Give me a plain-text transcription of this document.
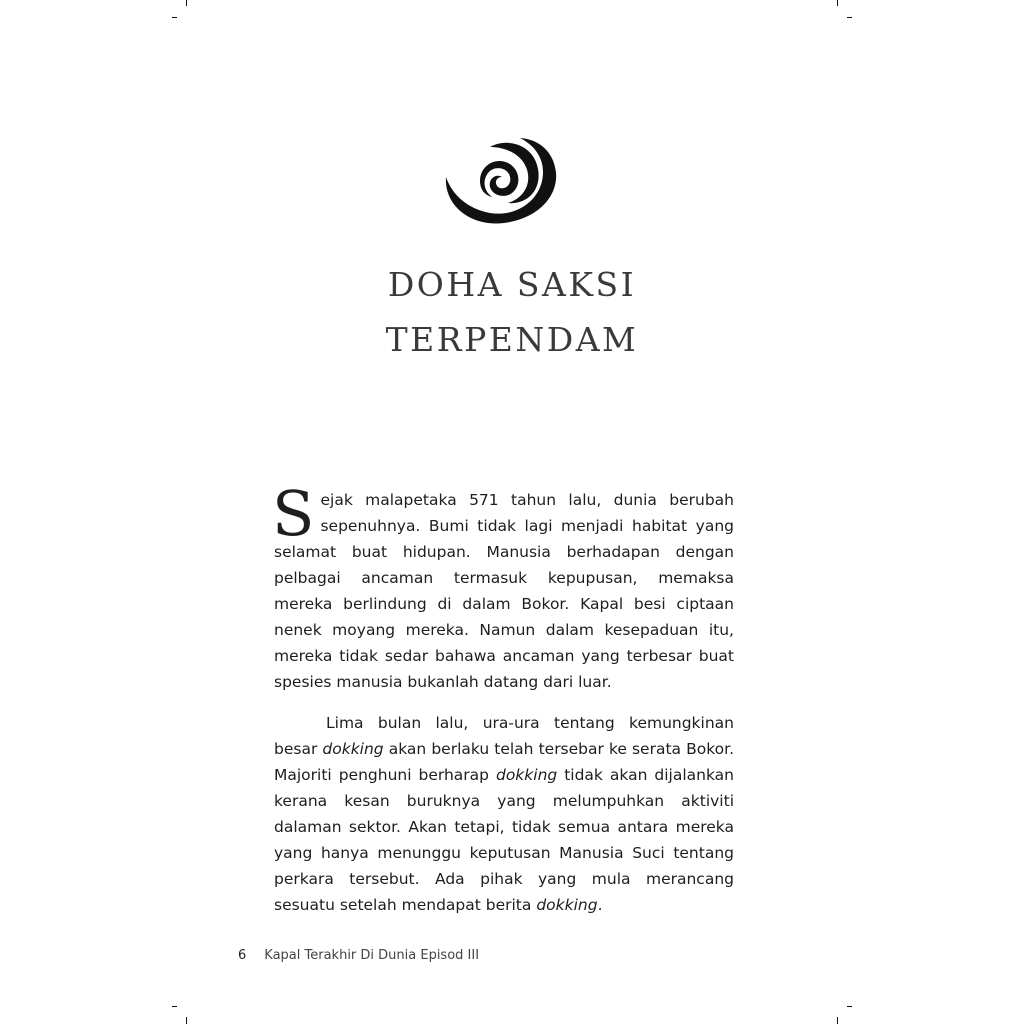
DOHA SAKSI
TERPENDAM
Sejak malapetaka 571 tahun lalu, dunia berubah sepenuhnya. Bumi tidak lagi menjadi habitat yang selamat buat hidupan. Manusia berhadapan dengan pelbagai ancaman termasuk kepupusan, memaksa mereka berlindung di dalam Bokor. Kapal besi ciptaan nenek moyang mereka. Namun dalam kesepaduan itu, mereka tidak sedar bahawa ancaman yang terbesar buat spesies manusia bukanlah datang dari luar.
Lima bulan lalu, ura-ura tentang kemungkinan besar dokking akan berlaku telah tersebar ke serata Bokor. Majoriti penghuni berharap dokking tidak akan dijalankan kerana kesan buruknya yang melumpuhkan aktiviti dalaman sektor. Akan tetapi, tidak semua antara mereka yang hanya menunggu keputusan Manusia Suci tentang perkara tersebut. Ada pihak yang mula merancang sesuatu setelah mendapat berita dokking.
6 Kapal Terakhir Di Dunia Episod III
